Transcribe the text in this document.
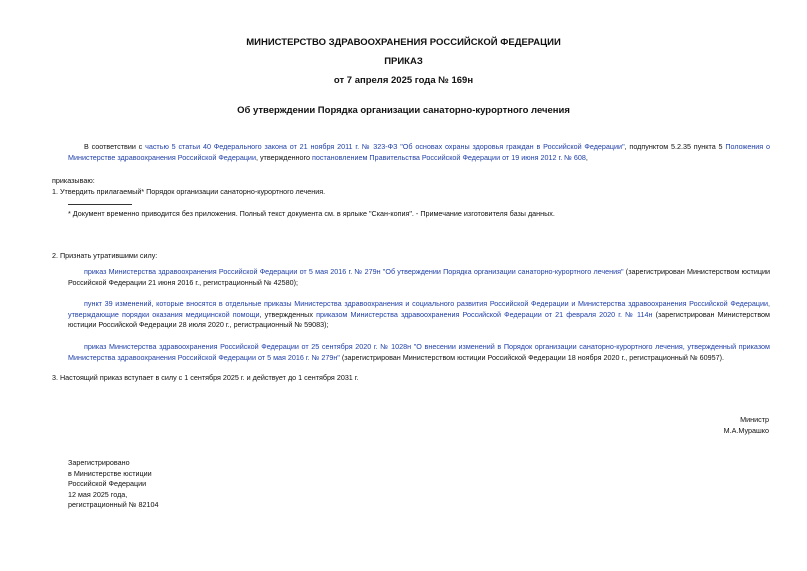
МИНИСТЕРСТВО ЗДРАВООХРАНЕНИЯ РОССИЙСКОЙ ФЕДЕРАЦИИ
ПРИКАЗ
от 7 апреля 2025 года № 169н
Об утверждении Порядка организации санаторно-курортного лечения
В соответствии с частью 5 статьи 40 Федерального закона от 21 ноября 2011 г. № 323-ФЗ "Об основах охраны здоровья граждан в Российской Федерации", подпунктом 5.2.35 пункта 5 Положения о Министерстве здравоохранения Российской Федерации, утвержденного постановлением Правительства Российской Федерации от 19 июня 2012 г. № 608,
приказываю:
1. Утвердить прилагаемый* Порядок организации санаторно-курортного лечения.
* Документ временно приводится без приложения. Полный текст документа см. в ярлыке "Скан-копия". - Примечание изготовителя базы данных.
2. Признать утратившими силу:
приказ Министерства здравоохранения Российской Федерации от 5 мая 2016 г. № 279н "Об утверждении Порядка организации санаторно-курортного лечения" (зарегистрирован Министерством юстиции Российской Федерации 21 июня 2016 г., регистрационный № 42580);
пункт 39 изменений, которые вносятся в отдельные приказы Министерства здравоохранения и социального развития Российской Федерации и Министерства здравоохранения Российской Федерации, утверждающие порядки оказания медицинской помощи, утвержденных приказом Министерства здравоохранения Российской Федерации от 21 февраля 2020 г. № 114н (зарегистрирован Министерством юстиции Российской Федерации 28 июля 2020 г., регистрационный № 59083);
приказ Министерства здравоохранения Российской Федерации от 25 сентября 2020 г. № 1028н "О внесении изменений в Порядок организации санаторно-курортного лечения, утвержденный приказом Министерства здравоохранения Российской Федерации от 5 мая 2016 г. № 279н" (зарегистрирован Министерством юстиции Российской Федерации 18 ноября 2020 г., регистрационный № 60957).
3. Настоящий приказ вступает в силу с 1 сентября 2025 г. и действует до 1 сентября 2031 г.
Министр
М.А.Мурашко
Зарегистрировано
в Министерстве юстиции
Российской Федерации
12 мая 2025 года,
регистрационный № 82104
